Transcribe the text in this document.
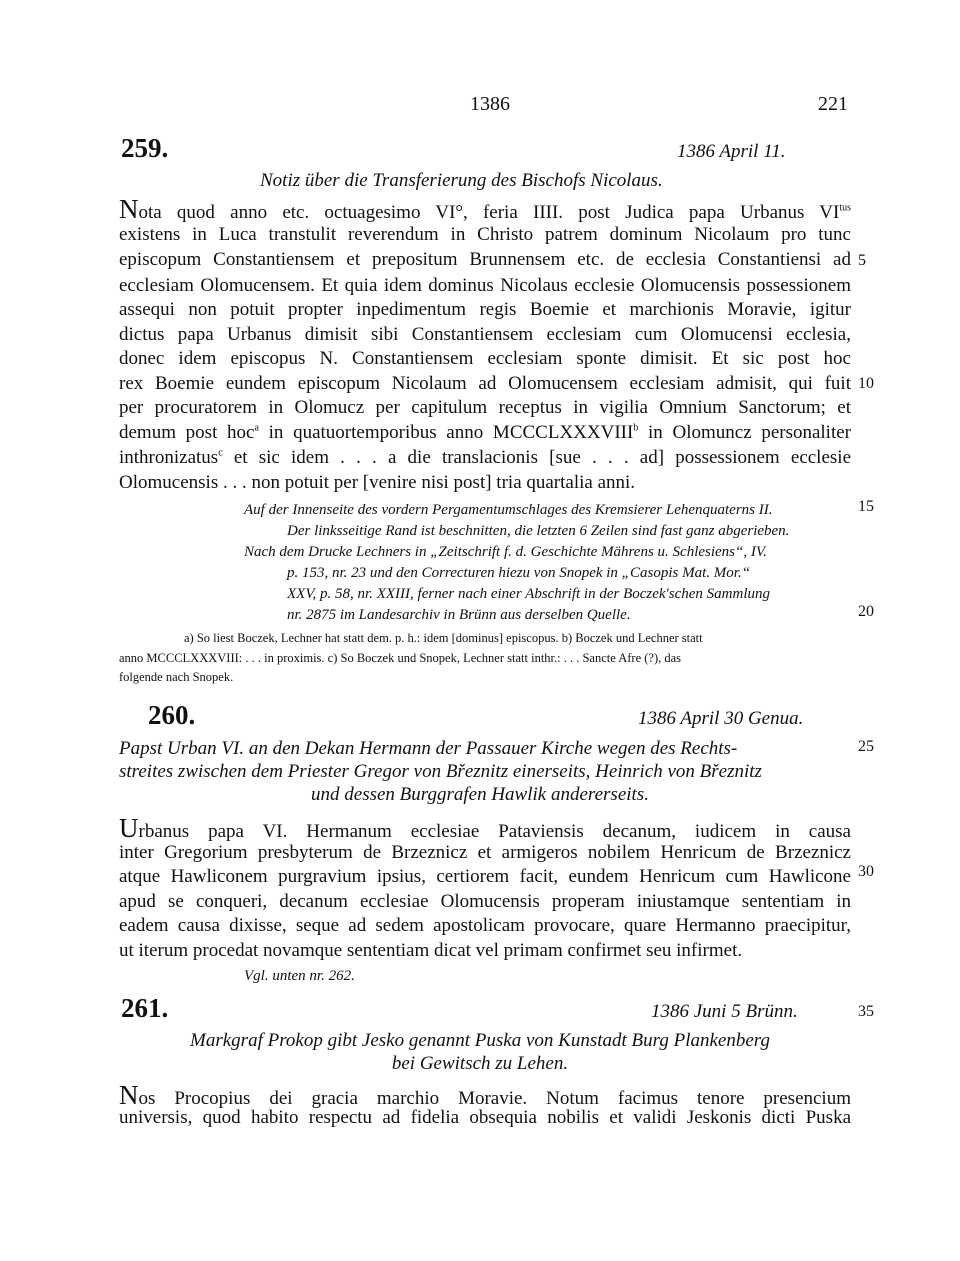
1386	221
259.	1386 April 11.
Notiz über die Transferierung des Bischofs Nicolaus.
Nota quod anno etc. octuagesimo VI°, feria IIII. post Judica papa Urbanus $VI^{tus}$
existens in Luca transtulit reverendum in Christo patrem dominum Nicolaum pro tunc
episcopum Constantiensem et prepositum Brunnensem etc. de ecclesia Constantiensi ad
ecclesiam Olomucensem. Et quia idem dominus Nicolaus ecclesie Olomucensis possessionem
assequi non potuit propter inpedimentum regis Boemie et marchionis Moravie, igitur
dictus papa Urbanus dimisit sibi Constantiensem ecclesiam cum Olomucensi ecclesia,
donec idem episcopus N. Constantiensem ecclesiam sponte dimisit. Et sic post hoc
rex Boemie eundem episcopum Nicolaum ad Olomucensem ecclesiam admisit, qui fuit
per procuratorem in Olomucz per capitulum receptus in vigilia Omnium Sanctorum; et
demum post hoc$^a$ in quatuortemporibus anno MCCCLXXXVIII$^b$ in Olomuncz personaliter
inthronizatus$^c$ et sic idem . . . a die translacionis [sue . . . ad] possessionem ecclesie
Olomucensis . . . non potuit per [venire nisi post] tria quartalia anni.
Auf der Innenseite des vordern Pergamentumschlages des Kremsierer Lehenquaterns II.
Der linksseitige Rand ist beschnitten, die letzten 6 Zeilen sind fast ganz abgerieben.
Nach dem Drucke Lechners in „Zeitschrift f. d. Geschichte Mährens u. Schlesiens“, IV.
p. 153, nr. 23 und den Correcturen hiezu von Snopek in „Casopis Mat. Mor.“
XXV, p. 58, nr. XXIII, ferner nach einer Abschrift in der Boczek'schen Sammlung
nr. 2875 im Landesarchiv in Brünn aus derselben Quelle.
a) So liest Boczek, Lechner hat statt dem. p. h.: idem [dominus] episcopus. b) Boczek und Lechner statt
anno MCCCLXXXVIII: . . . in proximis. c) So Boczek und Snopek, Lechner statt inthr.: . . . Sancte Afre (?), das
folgende nach Snopek.
260.	1386 April 30 Genua.
Papst Urban VI. an den Dekan Hermann der Passauer Kirche wegen des Rechts-
streites zwischen dem Priester Gregor von Březnitz einerseits, Heinrich von Březnitz
und dessen Burggrafen Hawlik andererseits.
Urbanus papa VI. Hermanum ecclesiae Pataviensis decanum, iudicem in causa
inter Gregorium presbyterum de Brzeznicz et armigeros nobilem Henricum de Brzeznicz
atque Hawliconem purgravium ipsius, certiorem facit, eundem Henricum cum Hawlicone
apud se conqueri, decanum ecclesiae Olomucensis properam iniustamque sententiam in
eadem causa dixisse, seque ad sedem apostolicam provocare, quare Hermanno praecipitur,
ut iterum procedat novamque sententiam dicat vel primam confirmet seu infirmet.
Vgl. unten nr. 262.
261.	1386 Juni 5 Brünn.
Markgraf Prokop gibt Jesko genannt Puska von Kunstadt Burg Plankenberg
bei Gewitsch zu Lehen.
Nos Procopius dei gracia marchio Moravie. Notum facimus tenore presencium
universis, quod habito respectu ad fidelia obsequia nobilis et validi Jeskonis dicti Puska
5
10
15
20
25
30
35
